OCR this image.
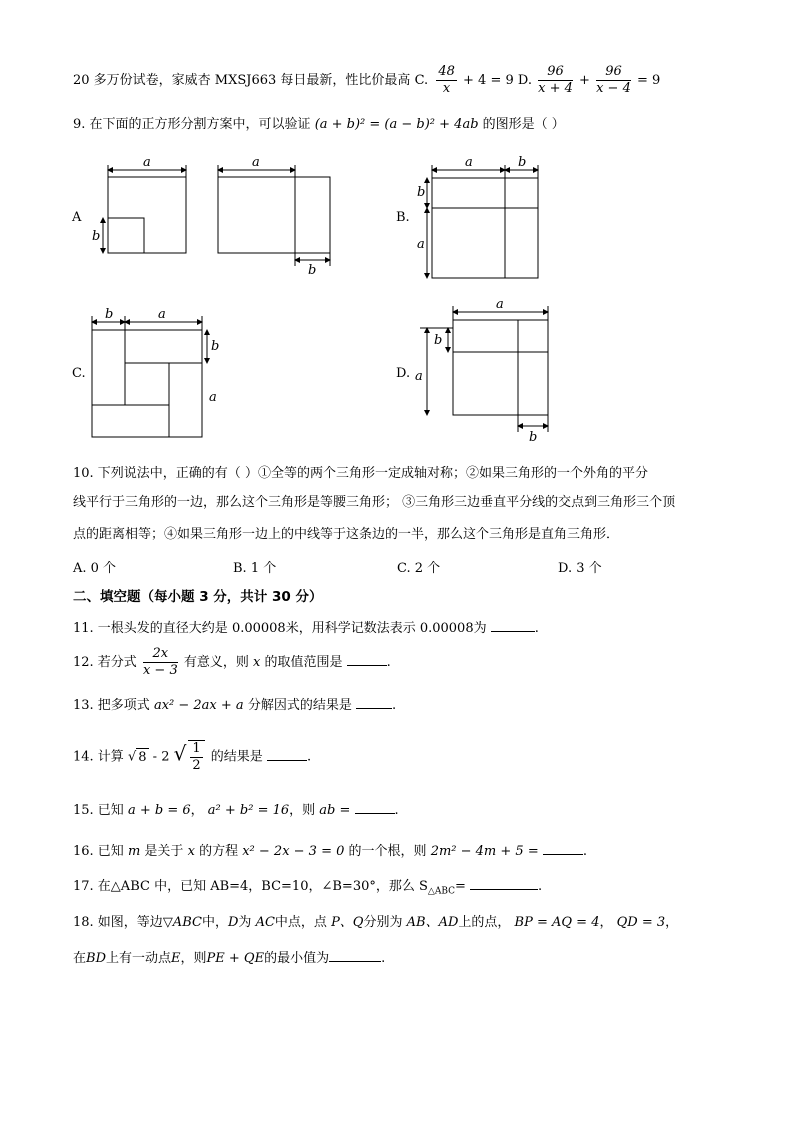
20 多万份试卷，家威杏 MXSJ663 每日最新，性比价最高 C. $\frac{48}{x} + 4 = 9$ D. $\frac{96}{x + 4} + \frac{96}{x - 4} = 9$
9. 在下面的正方形分割方案中，可以验证 (a + b)² = (a − b)² + 4ab 的图形是（ ）
a
b
a
b
a	b
b
a
b	a
b
a
a
b
a
b
A	B.
C.	D.
10. 下列说法中，正确的有（ ）①全等的两个三角形一定成轴对称；②如果三角形的一个外角的平分
线平行于三角形的一边，那么这个三角形是等腰三角形； ③三角形三边垂直平分线的交点到三角形三个顶
点的距离相等；④如果三角形一边上的中线等于这条边的一半，那么这个三角形是直角三角形．
A. 0 个	B. 1 个	C. 2 个	D. 3 个
二、填空题（每小题 3 分，共计 30 分）
11. 一根头发的直径大约是 0.00008米，用科学记数法表示 0.00008为	.
12. 若分式 $\frac{2x}{x - 3}$ 有意义，则 x 的取值范围是	.
13. 把多项式 ax² − 2ax + a 分解因式的结果是	.
14. 计算 √ 8 - 2 √ $\frac{1}{2}$ 的结果是	.
15. 已知 a + b = 6， a² + b² = 16，则 ab =	.
16. 已知 m 是关于 x 的方程 x² − 2x − 3 = 0 的一个根，则 2m² − 4m + 5 =	.
17. 在△ABC 中，已知 AB=4，BC=10，∠B=30°，那么 $S_{\triangle ABC}=$	.
18. 如图，等边▽ABC中，D为 AC中点，点 P、Q分别为 AB、AD上的点， BP = AQ = 4， QD = 3，
在BD上有一动点E，则PE + QE的最小值为	.
